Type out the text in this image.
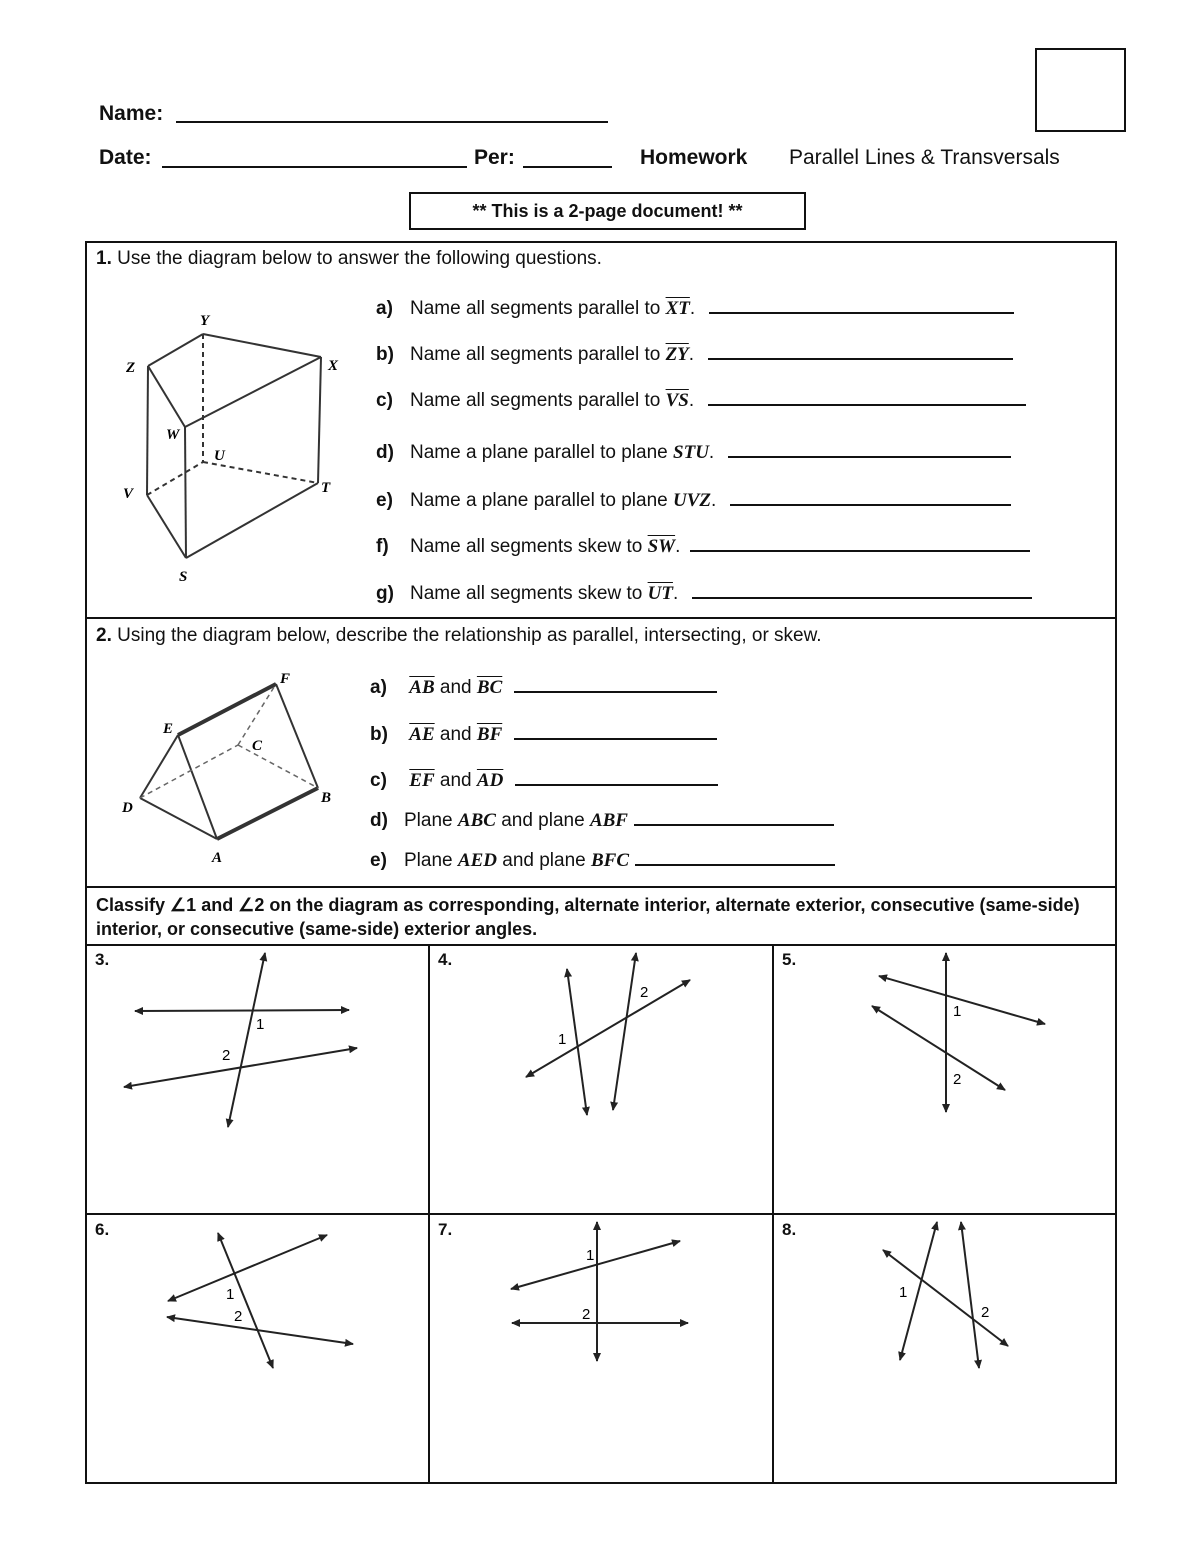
Name:
Date:	Per:	Homework Parallel Lines & Transversals
** This is a 2-page document! **
1. Use the diagram below to answer the following questions.
Y
Z	X
W
U
V	T
S
a) Name all segments parallel to $\overline{XT}$.
b) Name all segments parallel to $\overline{ZY}$.
c) Name all segments parallel to $\overline{VS}$.
d) Name a plane parallel to plane STU.
e) Name a plane parallel to plane UVZ.
f) Name all segments skew to $\overline{SW}$.
g) Name all segments skew to $\overline{UT}$.
2. Using the diagram below, describe the relationship as parallel, intersecting, or skew.
F
E
C
D
B
A
a) $\overline{AB}$ and $\overline{BC}$
b) $\overline{AE}$ and $\overline{BF}$
c) $\overline{EF}$ and $\overline{AD}$
d) Plane ABC and plane ABF
e) Plane AED and plane BFC
Classify ∠1 and ∠2 on the diagram as corresponding, alternate interior, alternate exterior, consecutive (same-side) interior, or consecutive (same-side) exterior angles.
3.	4.	5.
6.	7.	8.
1
2
1
2
1
2
1
2
1
2
1
2
